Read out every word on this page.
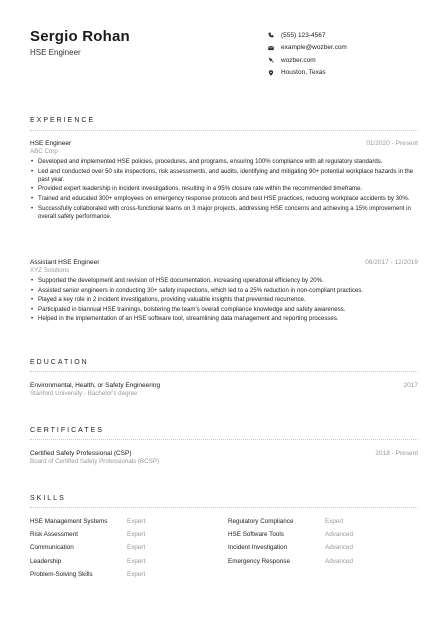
Sergio Rohan
HSE Engineer
(555) 123-4567
example@wozber.com
wozber.com
Houston, Texas
EXPERIENCE
HSE Engineer	01/2020 - Present
ABC Corp
• Developed and implemented HSE policies, procedures, and programs, ensuring 100% compliance with all regulatory standards.
• Led and conducted over 50 site inspections, risk assessments, and audits, identifying and mitigating 90+ potential workplace hazards in the past year.
• Provided expert leadership in incident investigations, resulting in a 95% closure rate within the recommended timeframe.
• Trained and educated 300+ employees on emergency response protocols and best HSE practices, reducing workplace accidents by 30%.
• Successfully collaborated with cross-functional teams on 3 major projects, addressing HSE concerns and achieving a 15% improvement in overall safety performance.
Assistant HSE Engineer	06/2017 - 12/2019
XYZ Solutions
• Supported the development and revision of HSE documentation, increasing operational efficiency by 20%.
• Assisted senior engineers in conducting 30+ safety inspections, which led to a 25% reduction in non-compliant practices.
• Played a key role in 2 incident investigations, providing valuable insights that prevented recurrence.
• Participated in biannual HSE trainings, bolstering the team's overall compliance knowledge and safety awareness.
• Helped in the implementation of an HSE software tool, streamlining data management and reporting processes.
EDUCATION
Environmental, Health, or Safety Engineering	2017
Stanford University - Bachelor's degree
CERTIFICATES
Certified Safety Professional (CSP)	2018 - Present
Board of Certified Safety Professionals (BCSP)
SKILLS
HSE Management Systems	Expert	Regulatory Compliance	Expert
Risk Assessment	Expert	HSE Software Tools	Advanced
Communication	Expert	Incident Investigation	Advanced
Leadership	Expert	Emergency Response	Advanced
Problem-Solving Skills	Expert
